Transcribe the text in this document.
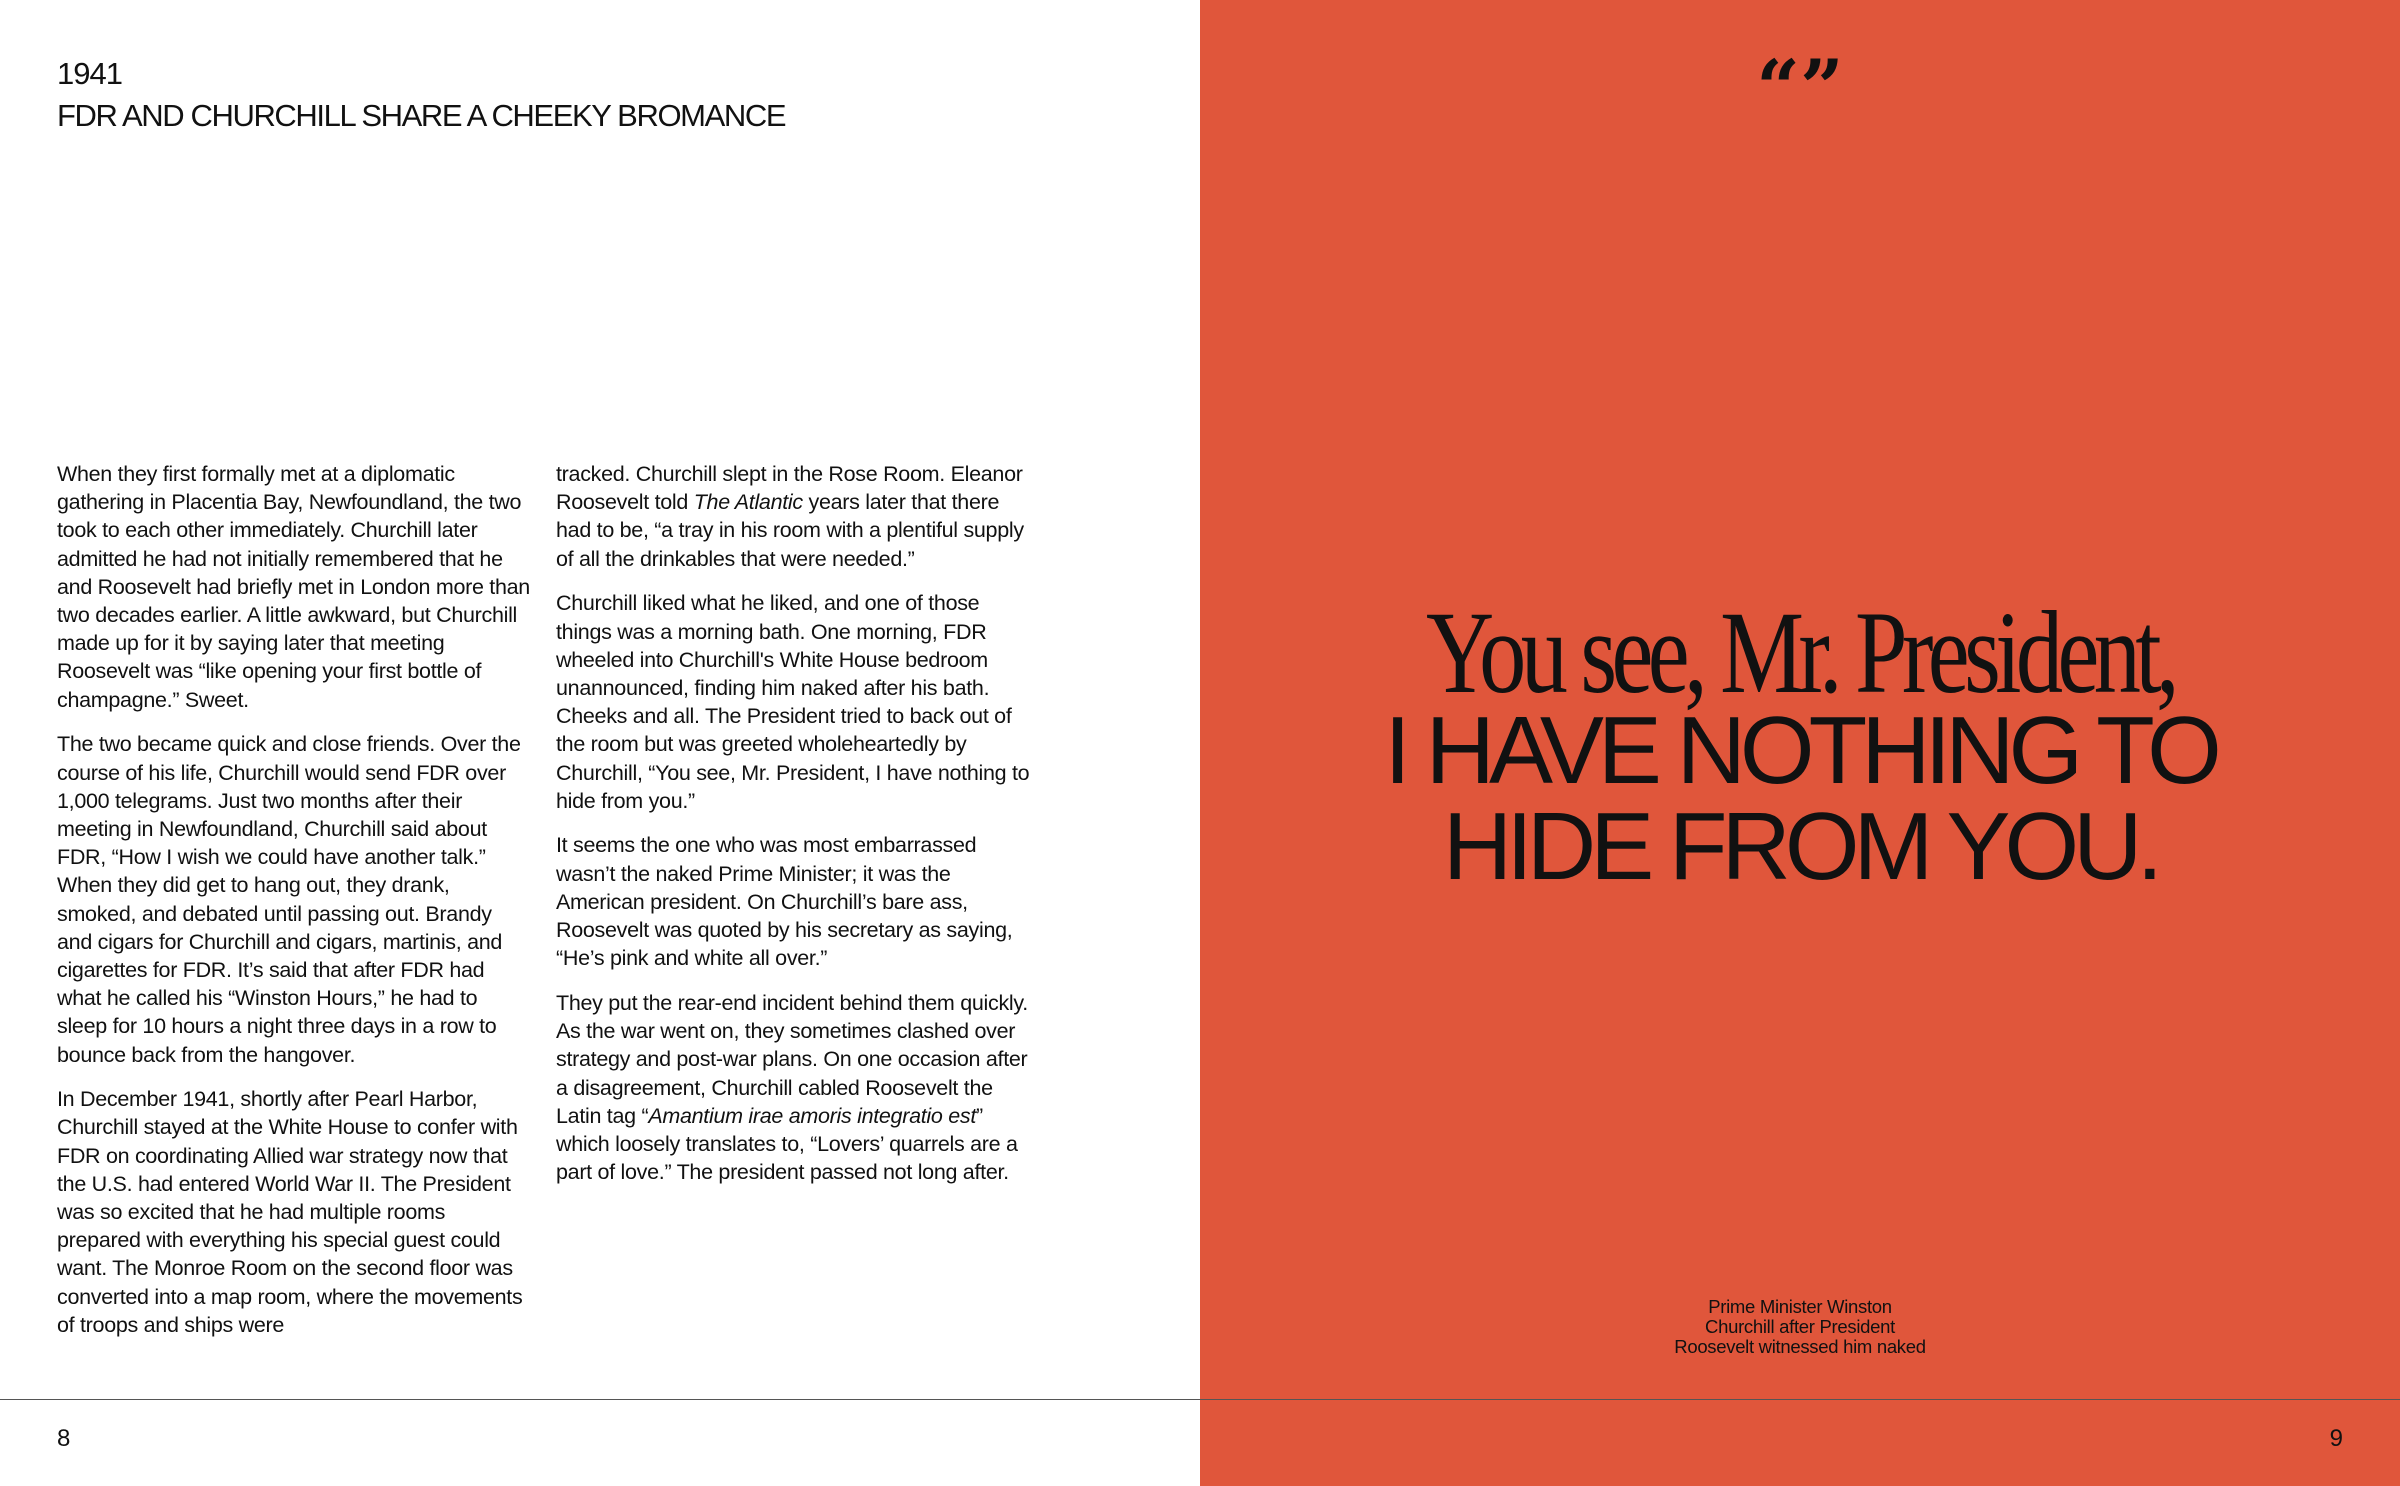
1941
FDR AND CHURCHILL SHARE A CHEEKY BROMANCE

When they first formally met at a diplomatic gathering in Placentia Bay, Newfoundland, the two took to each other immediately. Churchill later admitted he had not initially remembered that he and Roosevelt had briefly met in London more than two decades earlier. A little awkward, but Churchill made up for it by saying later that meeting Roosevelt was “like opening your first bottle of champagne.” Sweet.

The two became quick and close friends. Over the course of his life, Churchill would send FDR over 1,000 telegrams. Just two months after their meeting in Newfoundland, Churchill said about FDR, “How I wish we could have another talk.” When they did get to hang out, they drank, smoked, and debated until passing out. Brandy and cigars for Churchill and cigars, martinis, and cigarettes for FDR. It’s said that after FDR had what he called his “Winston Hours,” he had to sleep for 10 hours a night three days in a row to bounce back from the hangover.

In December 1941, shortly after Pearl Harbor, Churchill stayed at the White House to confer with FDR on coordinating Allied war strategy now that the U.S. had entered World War II. The President was so excited that he had multiple rooms prepared with everything his special guest could want. The Monroe Room on the second floor was converted into a map room, where the movements of troops and ships were

tracked. Churchill slept in the Rose Room. Eleanor Roosevelt told The Atlantic years later that there had to be, “a tray in his room with a plentiful supply of all the drinkables that were needed.”

Churchill liked what he liked, and one of those things was a morning bath. One morning, FDR wheeled into Churchill's White House bedroom unannounced, finding him naked after his bath. Cheeks and all. The President tried to back out of the room but was greeted wholeheartedly by Churchill, “You see, Mr. President, I have nothing to hide from you.”

It seems the one who was most embarrassed wasn’t the naked Prime Minister; it was the American president. On Churchill’s bare ass, Roosevelt was quoted by his secretary as saying, “He’s pink and white all over.”

They put the rear-end incident behind them quickly. As the war went on, they sometimes clashed over strategy and post-war plans. On one occasion after a disagreement, Churchill cabled Roosevelt the Latin tag “Amantium irae amoris integratio est” which loosely translates to, “Lovers’ quarrels are a part of love.” The president passed not long after.

8
“”
You see, Mr. President,
I HAVE NOTHING TO
HIDE FROM YOU.
Prime Minister Winston
Churchill after President
Roosevelt witnessed him naked
9
